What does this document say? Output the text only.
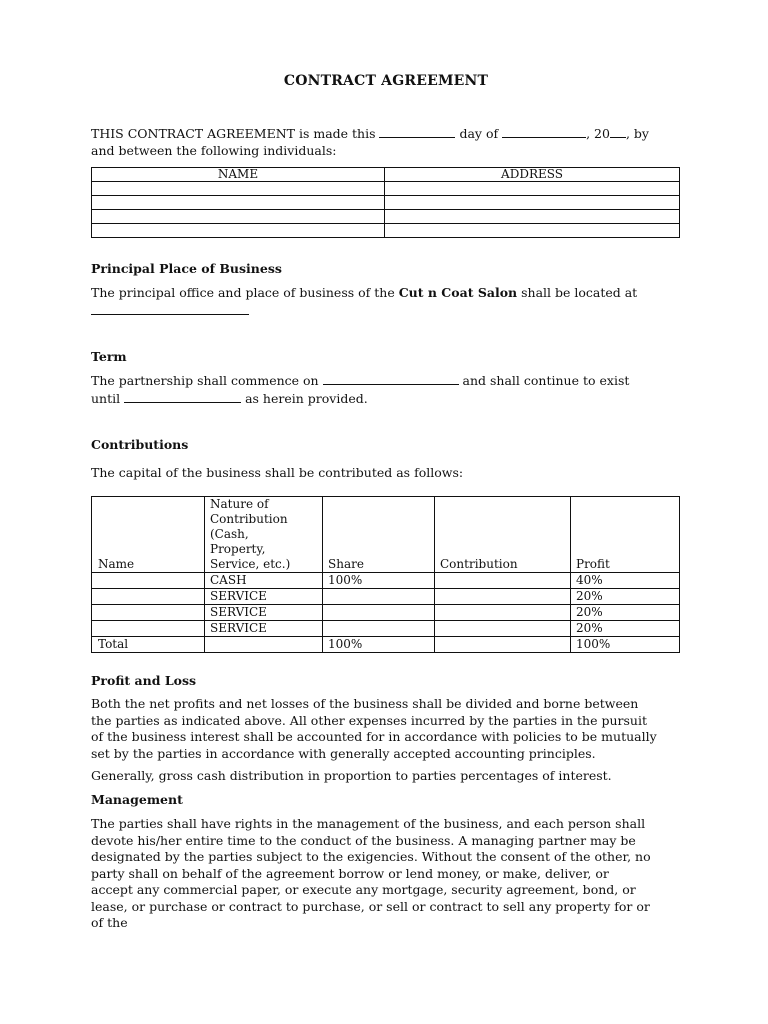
CONTRACT AGREEMENT
THIS CONTRACT AGREEMENT is made this	day of	, 20 , by
and between the following individuals:
NAME	ADDRESS

Principal Place of Business
The principal office and place of business of the Cut n Coat Salon shall be located at
Term
The partnership shall commence on	and shall continue to exist
until	as herein provided.
Contributions
The capital of the business shall be contributed as follows:
Name	Nature of
Contribution
(Cash,
Property,
Service, etc.)	Share	Contribution	Profit
	CASH	100%		40%
	SERVICE			20%
	SERVICE			20%
	SERVICE			20%
Total		100%		100%
Profit and Loss
Both the net profits and net losses of the business shall be divided and borne between
the parties as indicated above. All other expenses incurred by the parties in the pursuit
of the business interest shall be accounted for in accordance with policies to be mutually
set by the parties in accordance with generally accepted accounting principles.
Generally, gross cash distribution in proportion to parties percentages of interest.
Management
The parties shall have rights in the management of the business, and each person shall
devote his/her entire time to the conduct of the business. A managing partner may be
designated by the parties subject to the exigencies. Without the consent of the other, no
party shall on behalf of the agreement borrow or lend money, or make, deliver, or
accept any commercial paper, or execute any mortgage, security agreement, bond, or
lease, or purchase or contract to purchase, or sell or contract to sell any property for or
of the
